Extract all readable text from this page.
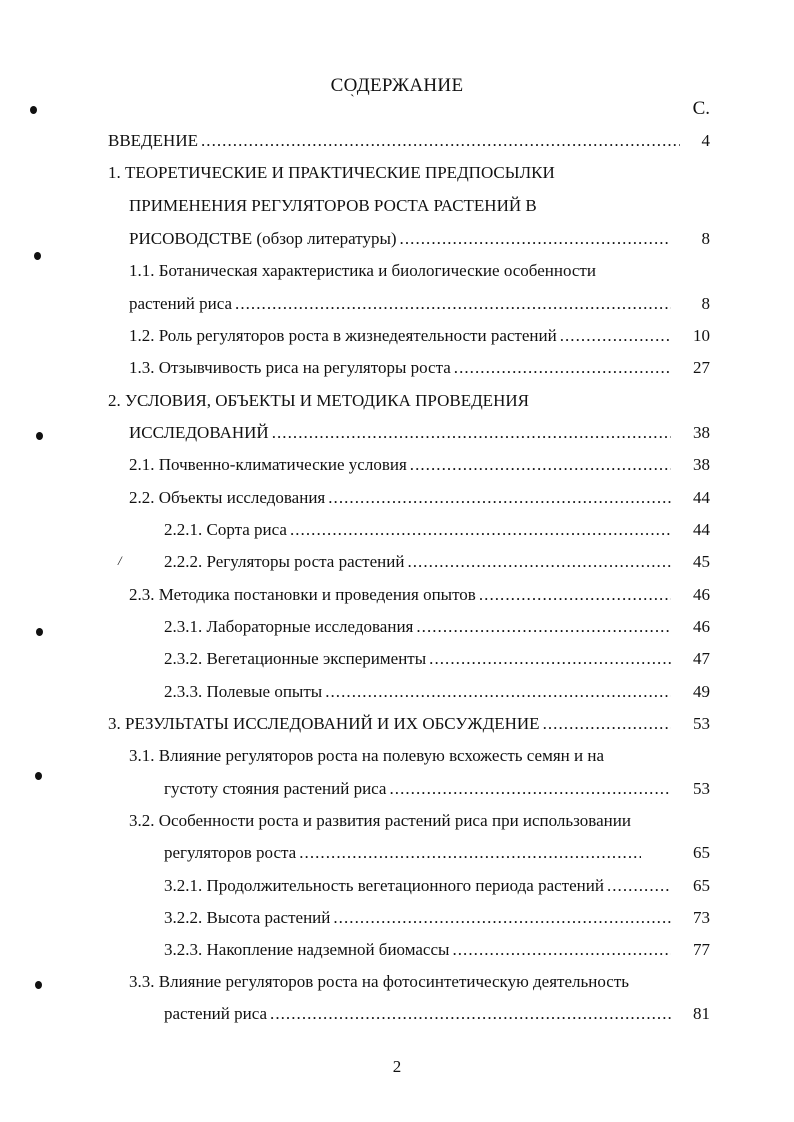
СОДЕРЖАНИЕ
`	С.
/
ВВЕДЕНИЕ . . .	4
1. ТЕОРЕТИЧЕСКИЕ И ПРАКТИЧЕСКИЕ ПРЕДПОСЫЛКИ
ПРИМЕНЕНИЯ РЕГУЛЯТОРОВ РОСТА РАСТЕНИЙ В
РИСОВОДСТВЕ (обзор литературы) . . .	8
1.1. Ботаническая характеристика и биологические особенности
растений риса . . .	8
1.2. Роль регуляторов роста в жизнедеятельности растений . . .	10
1.3. Отзывчивость риса на регуляторы роста . . .	27
2. УСЛОВИЯ, ОБЪЕКТЫ И МЕТОДИКА ПРОВЕДЕНИЯ
ИССЛЕДОВАНИЙ . . .	38
2.1. Почвенно-климатические условия . . .	38
2.2. Объекты исследования . . .	44
2.2.1. Сорта риса . . .	44
2.2.2. Регуляторы роста растений . . .	45
2.3. Методика постановки и проведения опытов . . .	46
2.3.1. Лабораторные исследования . . .	46
2.3.2. Вегетационные эксперименты . . .	47
2.3.3. Полевые опыты . . .	49
3. РЕЗУЛЬТАТЫ ИССЛЕДОВАНИЙ И ИХ ОБСУЖДЕНИЕ . . .	53
3.1. Влияние регуляторов роста на полевую всхожесть семян и на
густоту стояния растений риса . . .	53
3.2. Особенности роста и развития растений риса при использовании
регуляторов роста . . .	65
3.2.1. Продолжительность вегетационного периода растений . . .	65
3.2.2. Высота растений . . .	73
3.2.3. Накопление надземной биомассы . . .	77
3.3. Влияние регуляторов роста на фотосинтетическую деятельность
растений риса . . .	81
2
